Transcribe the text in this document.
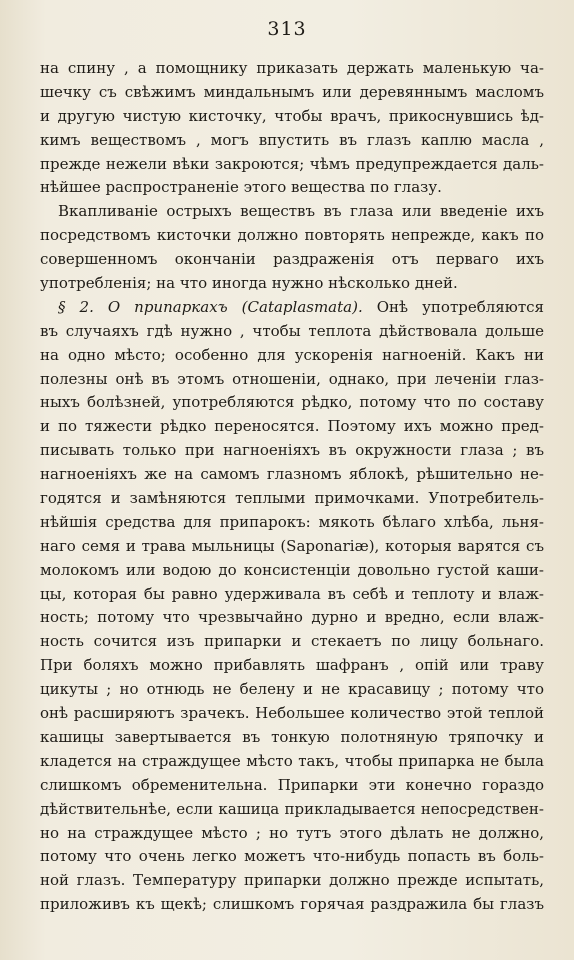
313
на спину , а помощнику приказать держать маленькую ча-
шечку съ свѣжимъ миндальнымъ или деревяннымъ масломъ
и другую чистую кисточку, чтобы врачъ, прикоснувшись ѣд-
кимъ веществомъ , могъ впустить въ глазъ каплю масла ,
прежде нежели вѣки закроются; чѣмъ предупреждается даль-
нѣйшее распространеніе этого вещества по глазу.
Вкапливаніе острыхъ веществъ въ глаза или введеніе ихъ
посредствомъ кисточки должно повторять непрежде, какъ по
совершенномъ окончаніи раздраженія отъ перваго ихъ
употребленія; на что иногда нужно нѣсколько дней.
§ 2. О припаркахъ (Cataplasmata). Онѣ употребляются
въ случаяхъ гдѣ нужно , чтобы теплота дѣйствовала дольше
на одно мѣсто; особенно для ускоренія нагноеній. Какъ ни
полезны онѣ въ этомъ отношеніи, однако, при леченіи глаз-
ныхъ болѣзней, употребляются рѣдко, потому что по составу
и по тяжести рѣдко переносятся. Поэтому ихъ можно пред-
писывать только при нагноеніяхъ въ окружности глаза ; въ
нагноеніяхъ же на самомъ глазномъ яблокѣ, рѣшительно не-
годятся и замѣняются теплыми примочками. Употребитель-
нѣйшія средства для припарокъ: мякоть бѣлаго хлѣба, льня-
наго семя и трава мыльницы (Saponariæ), которыя варятся съ
молокомъ или водою до консистенціи довольно густой каши-
цы, которая бы равно удерживала въ себѣ и теплоту и влаж-
ность; потому что чрезвычайно дурно и вредно, если влаж-
ность сочится изъ припарки и стекаетъ по лицу больнаго.
При боляхъ можно прибавлять шафранъ , опій или траву
цикуты ; но отнюдь не белену и не красавицу ; потому что
онѣ расширяютъ зрачекъ. Небольшее количество этой теплой
кашицы завертывается въ тонкую полотняную тряпочку и
кладется на страждущее мѣсто такъ, чтобы припарка не была
слишкомъ обременительна. Припарки эти конечно гораздо
дѣйствительнѣе, если кашица прикладывается непосредствен-
но на страждущее мѣсто ; но тутъ этого дѣлать не должно,
потому что очень легко можетъ что-нибудь попасть въ боль-
ной глазъ. Температуру припарки должно прежде испытать,
приложивъ къ щекѣ; слишкомъ горячая раздражила бы глазъ
